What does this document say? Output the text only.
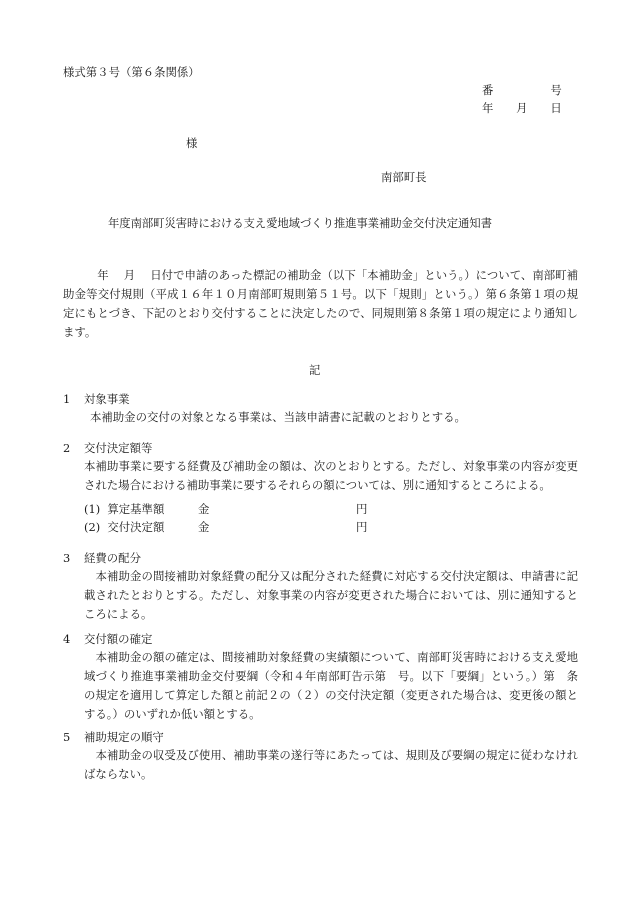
様式第３号（第６条関係）
番　　　　　号
年　　月　　日
様
南部町長
年度南部町災害時における支え愛地域づくり推進事業補助金交付決定通知書
　　　年　 月　 日付で申請のあった標記の補助金（以下「本補助金」という。）について、南部町補助金等交付規則（平成１６年１０月南部町規則第５１号。以下「規則」という。）第６条第１項の規定にもとづき、下記のとおり交付することに決定したので、同規則第８条第１項の規定により通知します。
記
1 対象事業
本補助金の交付の対象となる事業は、当該申請書に記載のとおりとする。
2 交付決定額等
本補助事業に要する経費及び補助金の額は、次のとおりとする。ただし、対象事業の内容が変更された場合における補助事業に要するそれらの額については、別に通知するところによる。
(1)  算定基準額	金	円
(2)  交付決定額	金	円
3 経費の配分
　本補助金の間接補助対象経費の配分又は配分された経費に対応する交付決定額は、申請書に記載されたとおりとする。ただし、対象事業の内容が変更された場合においては、別に通知するところによる。
4 交付額の確定
　本補助金の額の確定は、間接補助対象経費の実績額について、南部町災害時における支え愛地域づくり推進事業補助金交付要綱（令和４年南部町告示第　号。以下「要綱」という。）第　条の規定を適用して算定した額と前記２の（２）の交付決定額（変更された場合は、変更後の額とする。）のいずれか低い額とする。
5 補助規定の順守
　本補助金の収受及び使用、補助事業の遂行等にあたっては、規則及び要綱の規定に従わなければならない。
